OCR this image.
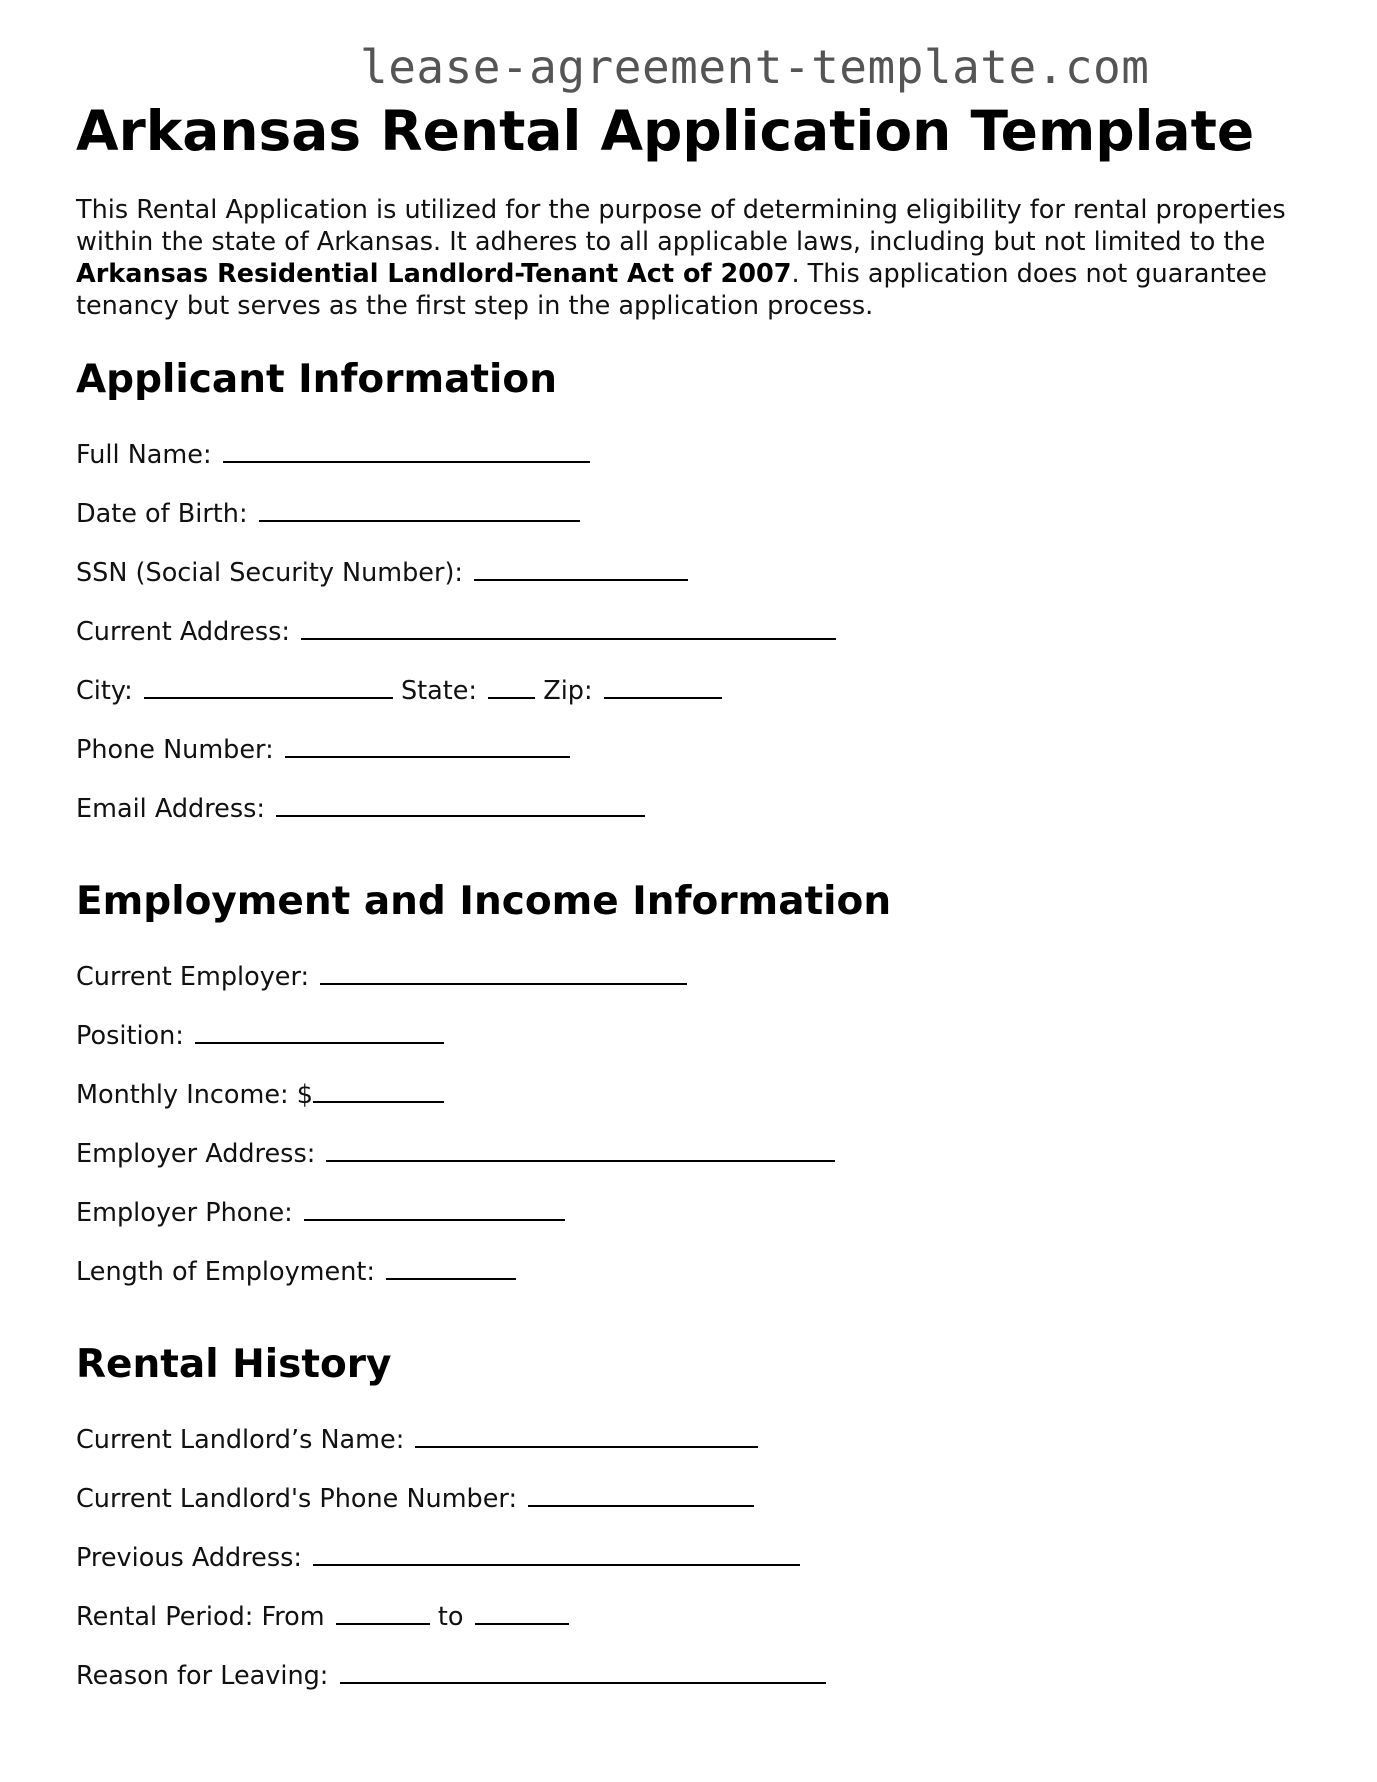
lease-agreement-template.com
Arkansas Rental Application Template

This Rental Application is utilized for the purpose of determining eligibility for rental properties within the state of Arkansas. It adheres to all applicable laws, including but not limited to the Arkansas Residential Landlord-Tenant Act of 2007. This application does not guarantee tenancy but serves as the first step in the application process.

Applicant Information
Full Name:
Date of Birth:
SSN (Social Security Number):
Current Address:
City:	State:	Zip:
Phone Number:
Email Address:
Employment and Income Information
Current Employer:
Position:
Monthly Income: $
Employer Address:
Employer Phone:
Length of Employment:
Rental History
Current Landlord’s Name:
Current Landlord's Phone Number:
Previous Address:
Rental Period: From	to
Reason for Leaving:
